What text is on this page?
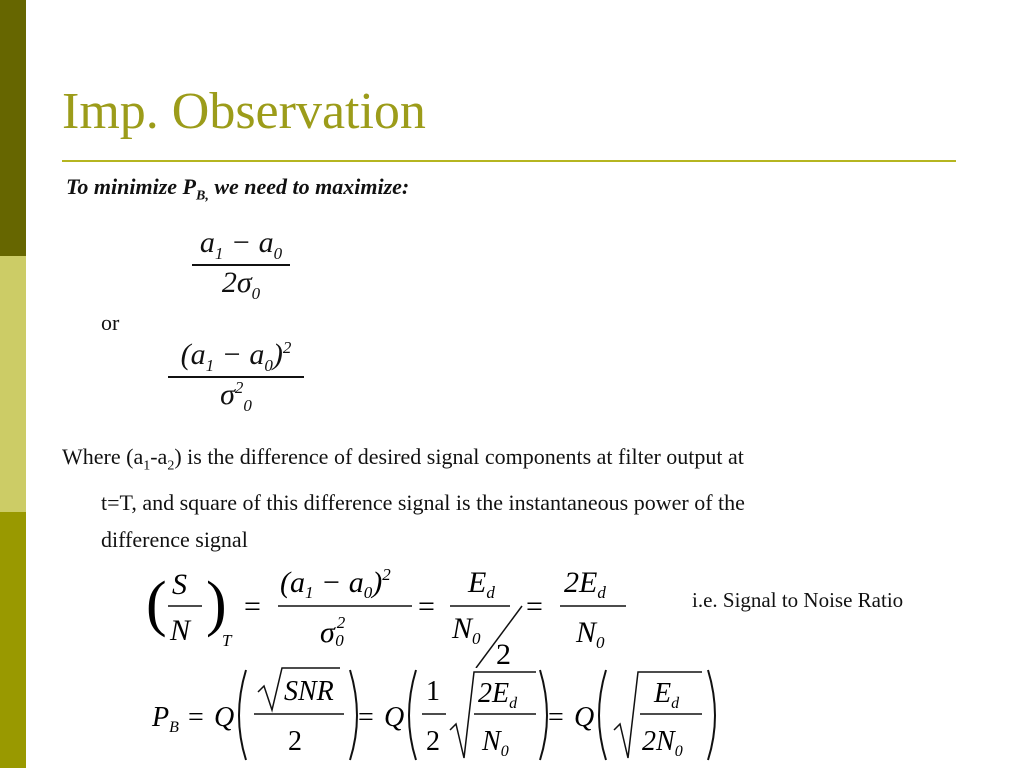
Imp. Observation
To minimize $P_{B,}$ we need to maximize:
$a_1 - a_0$
$2\sigma_0$
or
$(a_1 - a_0)^2$
$\sigma^2_0$
Where $(a_1-a_2)$ is the difference of desired signal components at filter output at
t=T, and square of this difference signal is the instantaneous power of the
difference signal
( S
N )
T
=
$(a_1 - a_0)^2$
σ $^2$ 0
=
$E_d$
$N_0$ 2
=
$2E_d$
$N_0$
i.e. Signal to Noise Ratio
$P_B = Q$
SNR
2
= Q
1
2
$2E_d$
$N_0$
= Q
$E_d$
$2N_0$
